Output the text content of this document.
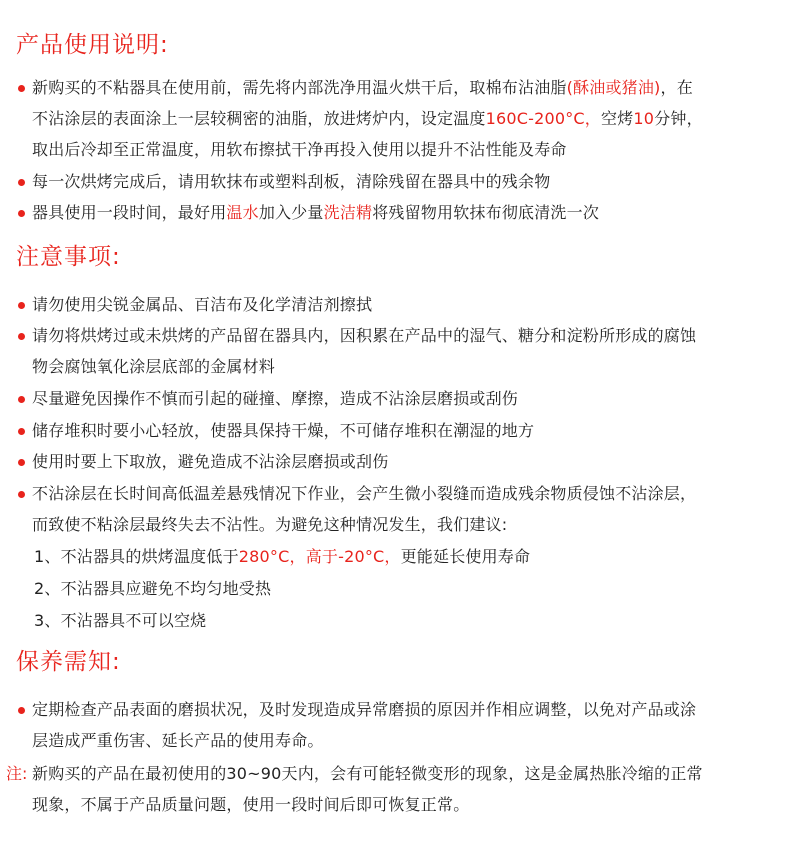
产品使用说明:
新购买的不粘器具在使用前，需先将内部洗净用温火烘干后，取棉布沾油脂(酥油或猪油)，在
不沾涂层的表面涂上一层较稠密的油脂，放进烤炉内，设定温度160C-200°C，空烤10分钟，
取出后冷却至正常温度，用软布擦拭干净再投入使用以提升不沾性能及寿命
每一次烘烤完成后，请用软抹布或塑料刮板，清除残留在器具中的残余物
器具使用一段时间，最好用温水加入少量洗洁精将残留物用软抹布彻底清洗一次
注意事项:
请勿使用尖锐金属品、百洁布及化学清洁剂擦拭
请勿将烘烤过或未烘烤的产品留在器具内，因积累在产品中的湿气、糖分和淀粉所形成的腐蚀
物会腐蚀氧化涂层底部的金属材料
尽量避免因操作不慎而引起的碰撞、摩擦，造成不沾涂层磨损或刮伤
储存堆积时要小心轻放，使器具保持干燥，不可储存堆积在潮湿的地方
使用时要上下取放，避免造成不沾涂层磨损或刮伤
不沾涂层在长时间高低温差悬残情况下作业，会产生微小裂缝而造成残余物质侵蚀不沾涂层，
而致使不粘涂层最终失去不沾性。为避免这种情况发生，我们建议:
1、不沾器具的烘烤温度低于280°C，高于-20°C，更能延长使用寿命
2、不沾器具应避免不均匀地受热
3、不沾器具不可以空烧
保养需知:
定期检查产品表面的磨损状况，及时发现造成异常磨损的原因并作相应调整，以免对产品或涂
层造成严重伤害、延长产品的使用寿命。
注: 新购买的产品在最初使用的30~90天内，会有可能轻微变形的现象，这是金属热胀冷缩的正常
现象，不属于产品质量问题，使用一段时间后即可恢复正常。
